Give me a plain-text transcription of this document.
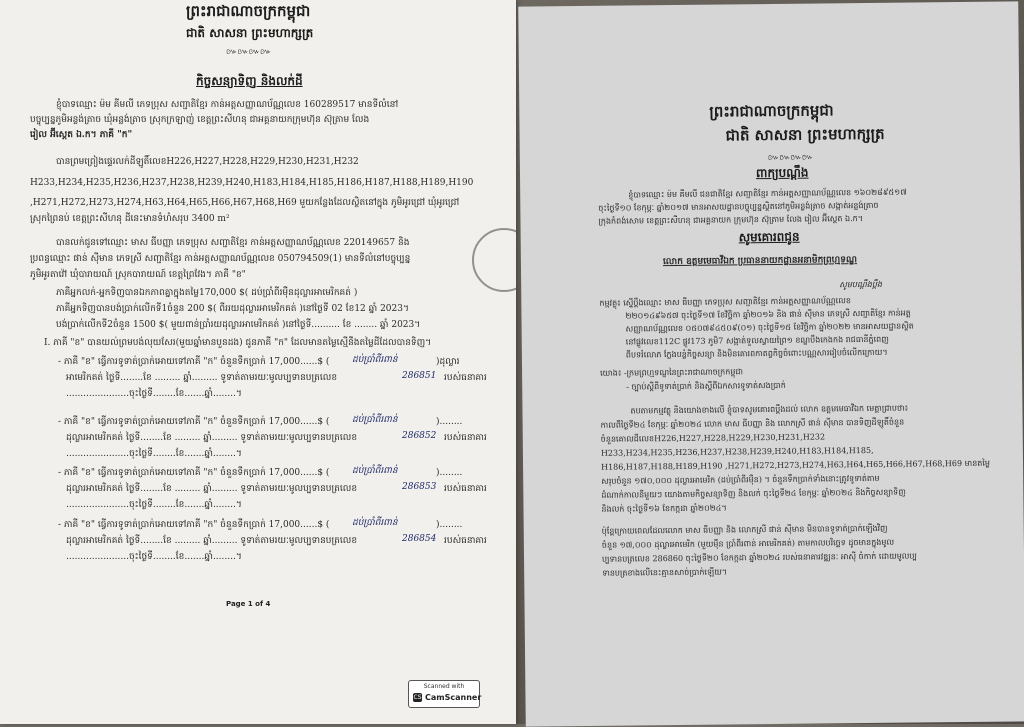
ព្រះរាជាណាចក្រកម្ពុជា
ជាតិ សាសនា ព្រះមហាក្សត្រ
៚៚៚៚
កិច្ចសន្យាទិញ និងលក់ដី
ខ្ញុំបាទឈ្មោះ ម៉ម គីមលី ភេទប្រុស សញ្ជាតិខ្មែរ កាន់អត្តសញ្ញាណប័ណ្ណលេខ 160289517 មានទីលំនៅ
បច្ចុប្បន្នភូមិអន្លង់ត្រាច ឃុំអន្លង់ត្រាច ស្រុកក្រឡាញ់ ខេត្តព្រះសីហនុ ជាអគ្គនាយកក្រុមហ៊ុន ស៊ុត្រាម លែង
រៀល អ៊ីស្តេត ឯ.ក។ ភាគី "ក"
បានព្រមព្រៀងផ្ទេរលក់ដីឡូតិ៍លេខH226,H227,H228,H229,H230,H231,H232
H233,H234,H235,H236,H237,H238,H239,H240,H183,H184,H185,H186,H187,H188,H189,H190
,H271,H272,H273,H274,H63,H64,H65,H66,H67,H68,H69 មួយកន្លែងដែលស្ថិតនៅក្នុង ភូមិអូរជ្រៅ ឃុំអូរជ្រៅ
ស្រុកព្រៃនប់ ខេត្តព្រះសីហនុ ដីនេះមានទំហំសរុប 3400 m²
បានលក់ជូនទៅឈ្មោះ មាស ធីបញ្ញា ភេទប្រុស សញ្ជាតិខ្មែរ កាន់អត្តសញ្ញាណប័ណ្ណលេខ 220149657 និង
ប្រពន្ធឈ្មោះ ផាន់ ស៊ីមាន ភេទស្រី សញ្ជាតិខ្មែរ កាន់អត្តសញ្ញាណប័ណ្ណលេខ 050794509(1) មានទីលំនៅបច្ចុប្បន្ន
ភូមិអូរតាវ៉ៅ ឃុំបារាយណ៍ ស្រុកបារាយណ៍ ខេត្តព្រៃវែង។ ភាគី "ខ"
ភាគីអ្នកលក់-អ្នកទិញបានឯកភាពគ្នាក្នុងតម្លៃ170,000 $( ដប់ប្រាំពីរម៉ឺនដុល្លារអាមេរិកគត់ )
ភាគីអ្នកទិញបានបង់ប្រាក់លើកទី1ចំនួន 200 $( ពីររយដុល្លារអាមេរិកគត់ )នៅថ្ងៃទី 02 ខែ12 ឆ្នាំ 2023។
បង់ប្រាក់លើកទី2ចំនួន 1500 $( មួយពាន់ប្រាំរយដុល្លារអាមេរិកគត់ )នៅថ្ងៃទី.......... ខែ ........ ឆ្នាំ 2023។
I. ភាគី "ខ" បានយល់ព្រមបង់លុយសែរ(មួយឆ្នាំមានបួនដង) ជូនភាគី "ក" ដែលមានតម្លៃស្មើនឹងតម្លៃដីដែលបានទិញ។
- ភាគី "ខ" ធ្វើការទូទាត់ប្រាក់អោយទៅភាគី "ក" ចំនួនទឹកប្រាក់ 17,000......$ (	ដប់ប្រាំពីរពាន់	)ដុល្លារ
អាមេរិកគត់ ថ្ងៃទី........ខែ ......... ឆ្នាំ......... ទូទាត់តាមរយៈមូលប្បទានបត្រលេខ	286851 របស់ធនាគារ
......................ចុះថ្ងៃទី........ខែ.......ឆ្នាំ........។
- ភាគី "ខ" ធ្វើការទូទាត់ប្រាក់អោយទៅភាគី "ក" ចំនួនទឹកប្រាក់ 17,000......$ (	ដប់ប្រាំពីរពាន់	)........
ដុល្លារអាមេរិកគត់ ថ្ងៃទី........ខែ ......... ឆ្នាំ......... ទូទាត់តាមរយៈមូលប្បទានបត្រលេខ	286852 របស់ធនាគារ
......................ចុះថ្ងៃទី........ខែ.......ឆ្នាំ........។
- ភាគី "ខ" ធ្វើការទូទាត់ប្រាក់អោយទៅភាគី "ក" ចំនួនទឹកប្រាក់ 17,000......$ (	ដប់ប្រាំពីរពាន់	)........
ដុល្លារអាមេរិកគត់ ថ្ងៃទី........ខែ ......... ឆ្នាំ......... ទូទាត់តាមរយៈមូលប្បទានបត្រលេខ	286853 របស់ធនាគារ
......................ចុះថ្ងៃទី........ខែ.......ឆ្នាំ........។
- ភាគី "ខ" ធ្វើការទូទាត់ប្រាក់អោយទៅភាគី "ក" ចំនួនទឹកប្រាក់ 17,000......$ (	ដប់ប្រាំពីរពាន់	)........
ដុល្លារអាមេរិកគត់ ថ្ងៃទី........ខែ ......... ឆ្នាំ......... ទូទាត់តាមរយៈមូលប្បទានបត្រលេខ	286854 របស់ធនាគារ
......................ចុះថ្ងៃទី........ខែ.......ឆ្នាំ........។
Page 1 of 4
Scanned with
CS CamScanner
ព្រះរាជាណាចក្រកម្ពុជា
ជាតិ សាសនា ព្រះមហាក្សត្រ
៚៚៚៚
ពាក្យបណ្ដឹង
ខ្ញុំបាទឈ្មោះ ម៉ម គីមលី ជនជាតិខ្មែរ សញ្ជាតិខ្មែរ កាន់អត្តសញ្ញាណប័ណ្ណលេខ ១៦០២៨៩៥១៧
ចុះថ្ងៃទី១០ ខែកុម្ភៈ ឆ្នាំ២០១៧ មានអាសយដ្ឋានបច្ចុប្បន្នស្ថិតនៅភូមិអន្លង់ត្រាច សង្កាត់អន្លង់ត្រាច
ក្រុងកំពង់សោម ខេត្តព្រះសីហនុ ជាអគ្គនាយក ក្រុមហ៊ុន ស៊ុត្រាម លែង រៀល អ៊ីស្តេត ឯ.ក។
សូមគោរពជូន
លោក ឧត្តមមេធាវីឯក ប្រធាននាយកដ្ឋានអនាមិកព្រហ្មទណ្ឌ
សូមបណ្តឹងប្តឹង
កម្មវត្ថុ៖ ស្នើប្តឹងឈ្មោះ មាស ធីបញ្ញា ភេទប្រុស សញ្ជាតិខ្មែរ កាន់អត្តសញ្ញាណប័ណ្ណលេខ
២២០១៤៩៦៥៧ ចុះថ្ងៃទី១៧ ខែវិច្ឆិកា ឆ្នាំ២០១៦ និង ផាន់ ស៊ីមាន ភេទស្រី សញ្ជាតិខ្មែរ កាន់អត្ត
សញ្ញាណប័ណ្ណលេខ ០៥០៧៩៤៥០៩(០១) ចុះថ្ងៃទី១៥ ខែវិច្ឆិកា ឆ្នាំ២០២២ មានអាសយដ្ឋានស្ថិត
នៅផ្លូវលេខ112C ផ្លូវ173 ភូមិ7 សង្កាត់ទួលស្វាយព្រៃ១ ខណ្ឌបឹងកេងកង រាជធានីភ្នំពេញ
ពីបទរំលោភ ក្លែងបន្លំកិច្ចសន្យា និងមិនគោរពកាតព្វកិច្ចចំពោះបណ្ណសាររៀបចំលើកក្រោយ។
យោង៖ -ក្រមព្រហ្មទណ្ឌនៃព្រះរាជាណាចក្រកម្ពុជា
- ច្បាប់ស្តីពីទូទាត់ប្រាក់ និងស្តីពីឯកសារទូទាត់សងប្រាក់
តបតាមកម្មវត្ថុ និងយោងខាងលើ ខ្ញុំបាទសូមគោរពប្តឹងដល់ លោក ឧត្តមមេធាវីឯក មេត្តាជ្រាបថា៖
កាលពីថ្ងៃទី២៤ ខែកុម្ភៈ ឆ្នាំ២០២៤ លោក មាស ធីបញ្ញា និង លោកស្រី ផាន់ ស៊ីមាន បានទិញដីឡូតិ៍ចំនួន
ចំនួនគោលដីលេខH226,H227,H228,H229,H230,H231,H232
H233,H234,H235,H236,H237,H238,H239,H240,H183,H184,H185,
H186,H187,H188,H189,H190 ,H271,H272,H273,H274,H63,H64,H65,H66,H67,H68,H69 មានតម្លៃ
សរុបចំនួន ១៧០,០០០ ដុល្លារអាមេរិក (ដប់ប្រាំពីរម៉ឺន) ។ ចំនួនទឹកប្រាក់ទាំងនោះត្រូវទូទាត់តាម
ដំណាក់កាលនីមួយៗ យោងតាមកិច្ចសន្យាទិញ និងលក់ ចុះថ្ងៃទី២៤ ខែកុម្ភៈ ឆ្នាំ២០២៤ និងកិច្ចសន្យាទិញ
និងលក់ ចុះថ្ងៃទី១៦ ខែកក្កដា ឆ្នាំ២០២៤។
ប៉ុន្តែក្រោយពេលដែលលោក មាស ធីបញ្ញា និង លោកស្រី ផាន់ ស៊ីមាន មិនបានទូទាត់ប្រាក់ឡើងវិញ
ចំនួន ១៧,០០០ ដុល្លារអាមេរិក (មួយម៉ឺន ប្រាំពីរពាន់ អាមេរិកគត់) តាមកាលបរិច្ឆេទ ដូចមានក្នុងមូល
ប្បទានបត្រលេខ 286860 ចុះថ្ងៃទី២០ ខែកក្កដា ឆ្នាំ២០២៤ របស់ធនាគារវឌ្ឍនៈ អាស៊ី ចំកាក់ ដោយមូលប្ប
ទានបត្រខាងលើនេះគ្មានសាច់ប្រាក់ឡើយ។
